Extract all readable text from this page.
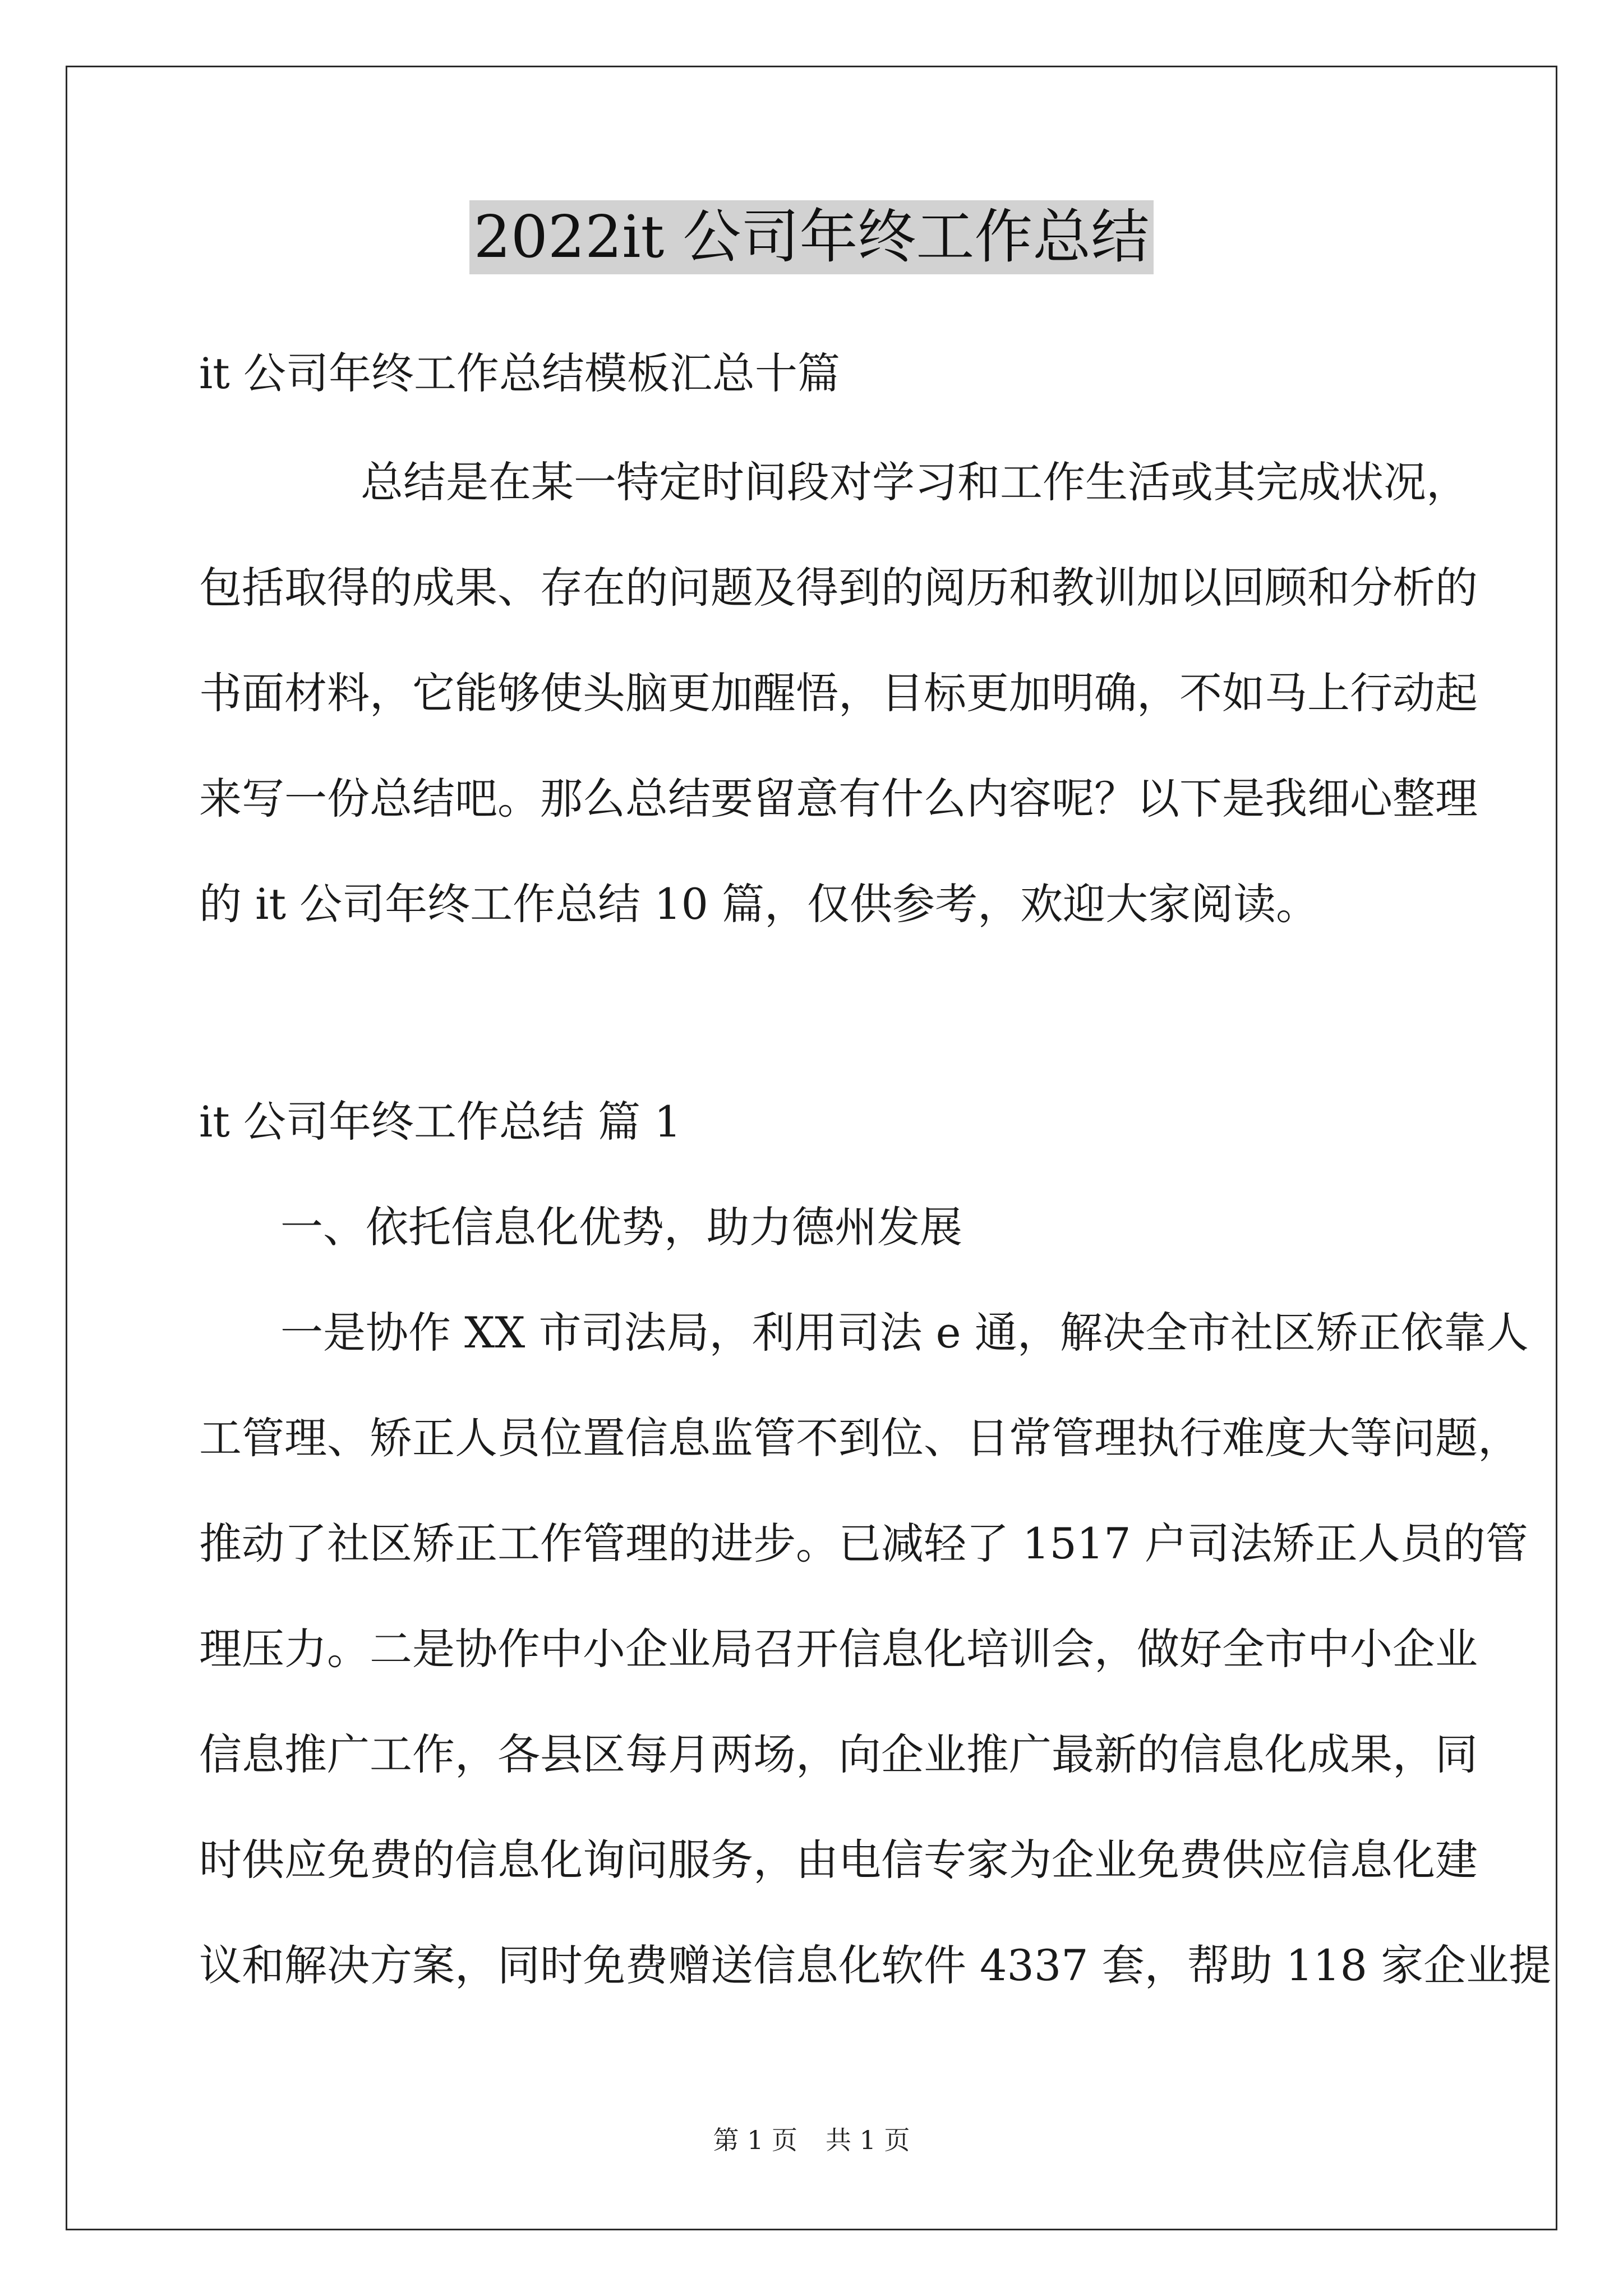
2022it 公司年终工作总结
it 公司年终工作总结模板汇总十篇
总结是在某一特定时间段对学习和工作生活或其完成状况，
包括取得的成果、存在的问题及得到的阅历和教训加以回顾和分析的
书面材料，它能够使头脑更加醒悟，目标更加明确，不如马上行动起
来写一份总结吧。那么总结要留意有什么内容呢？以下是我细心整理
的 it 公司年终工作总结 10 篇，仅供参考，欢迎大家阅读。
it 公司年终工作总结 篇 1
一、依托信息化优势，助力德州发展
一是协作 XX 市司法局，利用司法 e 通，解决全市社区矫正依靠人
工管理、矫正人员位置信息监管不到位、日常管理执行难度大等问题，
推动了社区矫正工作管理的进步。已减轻了 1517 户司法矫正人员的管
理压力。二是协作中小企业局召开信息化培训会，做好全市中小企业
信息推广工作，各县区每月两场，向企业推广最新的信息化成果，同
时供应免费的信息化询问服务，由电信专家为企业免费供应信息化建
议和解决方案，同时免费赠送信息化软件 4337 套，帮助 118 家企业提
第 1 页 共 1 页
